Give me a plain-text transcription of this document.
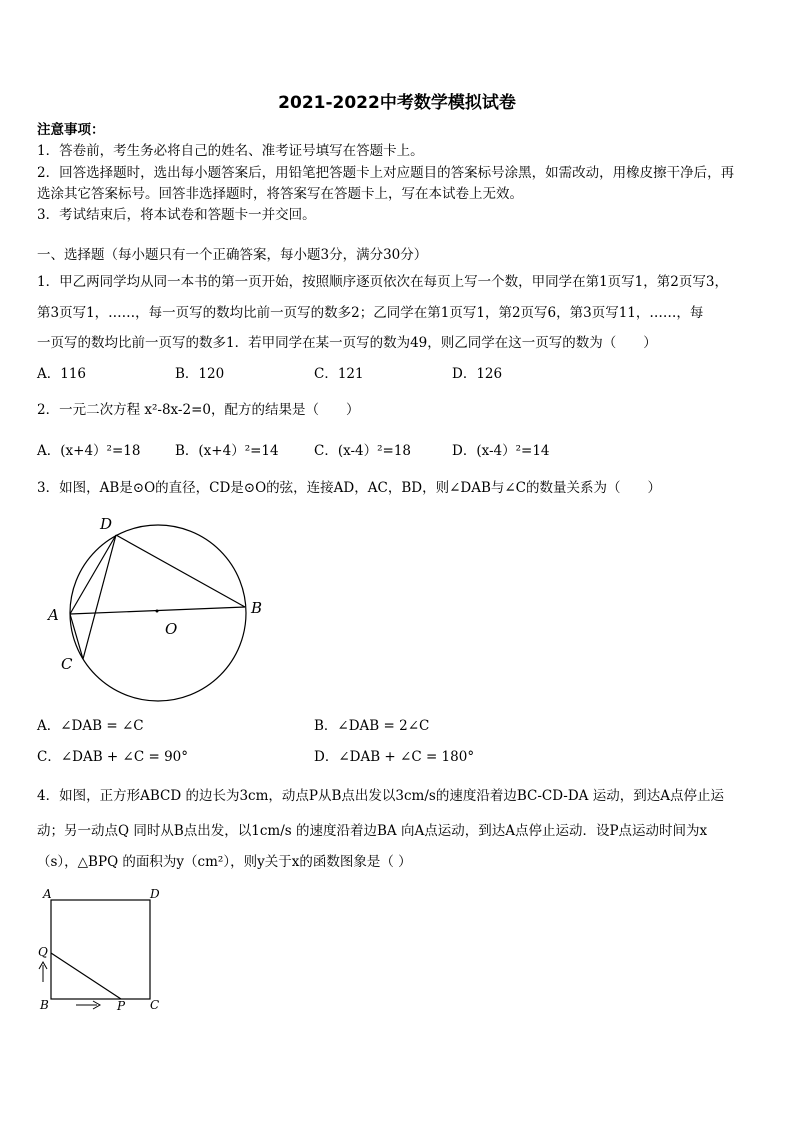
2021-2022中考数学模拟试卷
注意事项：
1．答卷前，考生务必将自己的姓名、准考证号填写在答题卡上。
2．回答选择题时，选出每小题答案后，用铅笔把答题卡上对应题目的答案标号涂黑，如需改动，用橡皮擦干净后，再
选涂其它答案标号。回答非选择题时，将答案写在答题卡上，写在本试卷上无效。
3．考试结束后，将本试卷和答题卡一并交回。
一、选择题（每小题只有一个正确答案，每小题3分，满分30分）
1．甲乙两同学均从同一本书的第一页开始，按照顺序逐页依次在每页上写一个数，甲同学在第1页写1，第2页写3，
第3页写1，……，每一页写的数均比前一页写的数多2；乙同学在第1页写1，第2页写6，第3页写11，……，每
一页写的数均比前一页写的数多1．若甲同学在某一页写的数为49，则乙同学在这一页写的数为（　　）
A．116	B．120	C．121	D．126
2．一元二次方程 x²-8x-2=0，配方的结果是（　　）
A．(x+4）²=18	B．(x+4）²=14	C．(x-4）²=18	D．(x-4）²=14
3．如图，AB是⊙O的直径，CD是⊙O的弦，连接AD，AC，BD，则∠DAB与∠C的数量关系为（　　）
D
A	B
O
C
A．∠DAB = ∠C	B．∠DAB = 2∠C
C．∠DAB + ∠C = 90°	D．∠DAB + ∠C = 180°
4．如图，正方形ABCD 的边长为3cm，动点P从B点出发以3cm/s的速度沿着边BC-CD-DA 运动，到达A点停止运
动；另一动点Q 同时从B点出发，以1cm/s 的速度沿着边BA 向A点运动，到达A点停止运动．设P点运动时间为x
（s），△BPQ 的面积为y（cm²），则y关于x的函数图象是（ ）
A	D
Q
B	P C
